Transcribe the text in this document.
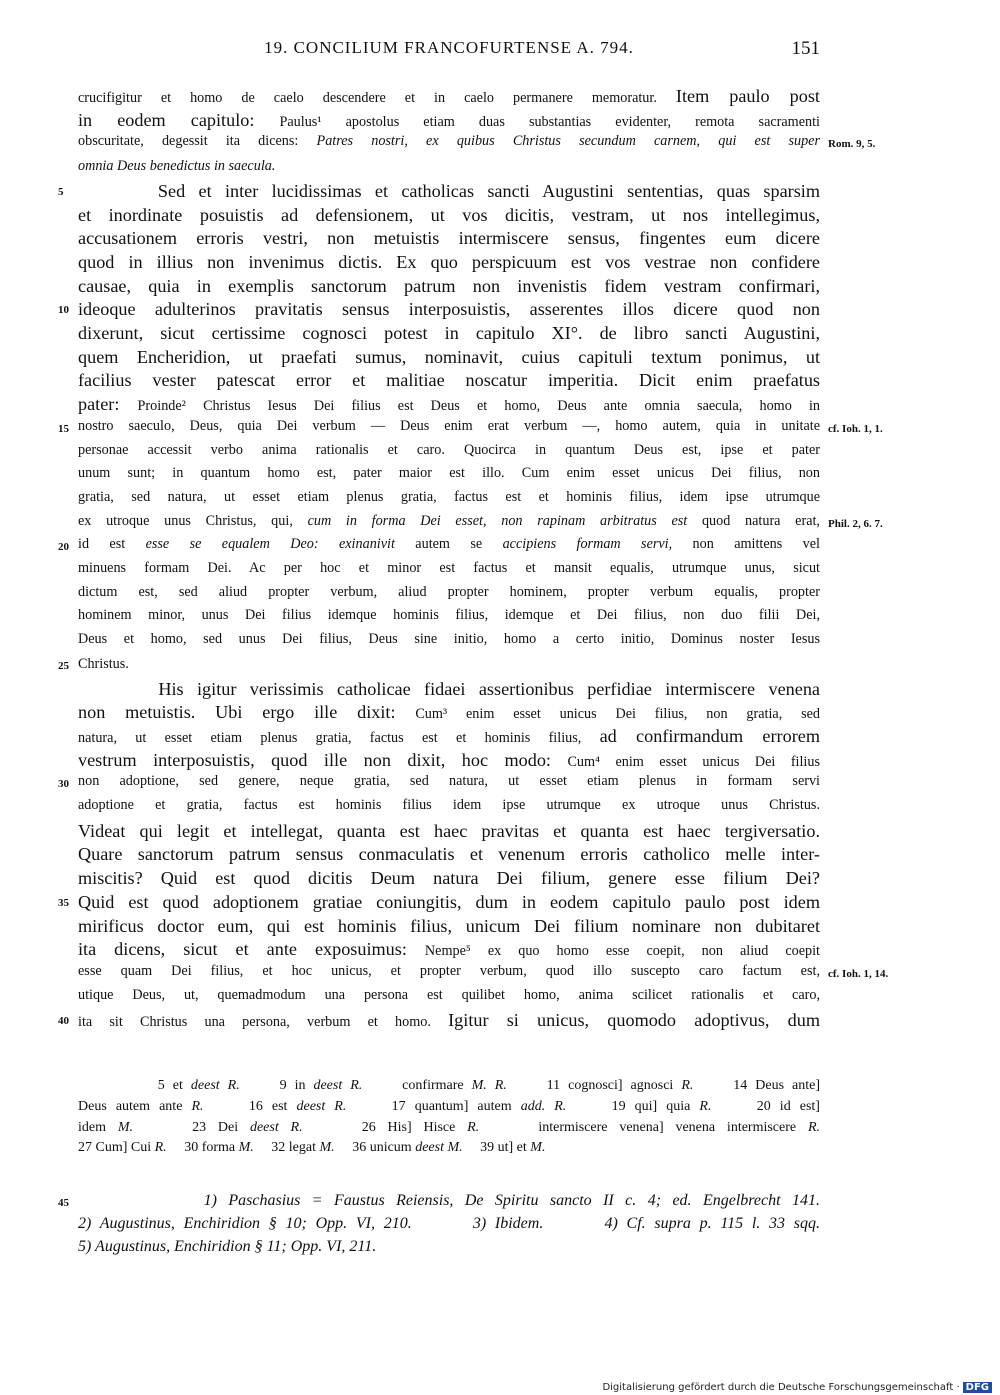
19. CONCILIUM FRANCOFURTENSE A. 794.	151
crucifigitur et homo de caelo descendere et in caelo permanere memoratur. Item paulo post
in eodem capitulo: Paulus¹ apostolus etiam duas substantias evidenter, remota sacramenti
obscuritate, degessit ita dicens: Patres nostri, ex quibus Christus secundum carnem, qui est super Rom. 9, 5.
omnia Deus benedictus in saecula.
Sed et inter lucidissimas et catholicas sancti Augustini sententias, quas sparsim
5
et inordinate posuistis ad defensionem, ut vos dicitis, vestram, ut nos intellegimus,
accusationem erroris vestri, non metuistis intermiscere sensus, fingentes eum dicere
quod in illius non invenimus dictis. Ex quo perspicuum est vos vestrae non confidere
causae, quia in exemplis sanctorum patrum non invenistis fidem vestram confirmari,
ideoque adulterinos pravitatis sensus interposuistis, asserentes illos dicere quod non
10
dixerunt, sicut certissime cognosci potest in capitulo XI°. de libro sancti Augustini,
quem Encheridion, ut praefati sumus, nominavit, cuius capituli textum ponimus, ut
facilius vester patescat error et malitiae noscatur imperitia. Dicit enim praefatus
pater: Proinde² Christus Iesus Dei filius est Deus et homo, Deus ante omnia saecula, homo in
nostro saeculo, Deus, quia Dei verbum — Deus enim erat verbum —, homo autem, quia in unitate
15	cf. Ioh. 1, 1.
personae accessit verbo anima rationalis et caro. Quocirca in quantum Deus est, ipse et pater
unum sunt; in quantum homo est, pater maior est illo. Cum enim esset unicus Dei filius, non
gratia, sed natura, ut esset etiam plenus gratia, factus est et hominis filius, idem ipse utrumque
ex utroque unus Christus, qui, cum in forma Dei esset, non rapinam arbitratus est quod natura erat, Phil. 2, 6. 7.
id est esse se equalem Deo: exinanivit autem se accipiens formam servi, non amittens vel
20
minuens formam Dei. Ac per hoc et minor est factus et mansit equalis, utrumque unus, sicut
dictum est, sed aliud propter verbum, aliud propter hominem, propter verbum equalis, propter
hominem minor, unus Dei filius idemque hominis filius, idemque et Dei filius, non duo filii Dei,
Deus et homo, sed unus Dei filius, Deus sine initio, homo a certo initio, Dominus noster Iesus
Christus.
25
His igitur verissimis catholicae fidaei assertionibus perfidiae intermiscere venena
non metuistis. Ubi ergo ille dixit: Cum³ enim esset unicus Dei filius, non gratia, sed
natura, ut esset etiam plenus gratia, factus est et hominis filius, ad confirmandum errorem
vestrum interposuistis, quod ille non dixit, hoc modo: Cum⁴ enim esset unicus Dei filius
non adoptione, sed genere, neque gratia, sed natura, ut esset etiam plenus in formam servi
30
adoptione et gratia, factus est hominis filius idem ipse utrumque ex utroque unus Christus.
Videat qui legit et intellegat, quanta est haec pravitas et quanta est haec tergiversatio.
Quare sanctorum patrum sensus conmaculatis et venenum erroris catholico melle inter-
miscitis? Quid est quod dicitis Deum natura Dei filium, genere esse filium Dei?
Quid est quod adoptionem gratiae coniungitis, dum in eodem capitulo paulo post idem
35
mirificus doctor eum, qui est hominis filius, unicum Dei filium nominare non dubitaret
ita dicens, sicut et ante exposuimus: Nempe⁵ ex quo homo esse coepit, non aliud coepit
esse quam Dei filius, et hoc unicus, et propter verbum, quod illo suscepto caro factum est, cf. Ioh. 1, 14.
utique Deus, ut, quemadmodum una persona est quilibet homo, anima scilicet rationalis et caro,
ita sit Christus una persona, verbum et homo. Igitur si unicus, quomodo adoptivus, dum
40
5 et deest R.     9 in deest R.     confirmare M. R.     11 cognosci] agnosci R.     14 Deus ante]
Deus autem ante R.     16 est deest R.     17 quantum] autem add. R.     19 qui] quia R.     20 id est]
idem M.     23 Dei deest R.     26 His] Hisce R.     intermiscere venena] venena intermiscere R.
27 Cum] Cui R.     30 forma M.     32 legat M.     36 unicum deest M.     39 ut] et M.
1) Paschasius = Faustus Reiensis, De Spiritu sancto II c. 4; ed. Engelbrecht 141.
45
2) Augustinus, Enchiridion § 10; Opp. VI, 210.       3) Ibidem.       4) Cf. supra p. 115 l. 33 sqq.
5) Augustinus, Enchiridion § 11; Opp. VI, 211.
Digitalisierung gefördert durch die Deutsche Forschungsgemeinschaft · DFG
